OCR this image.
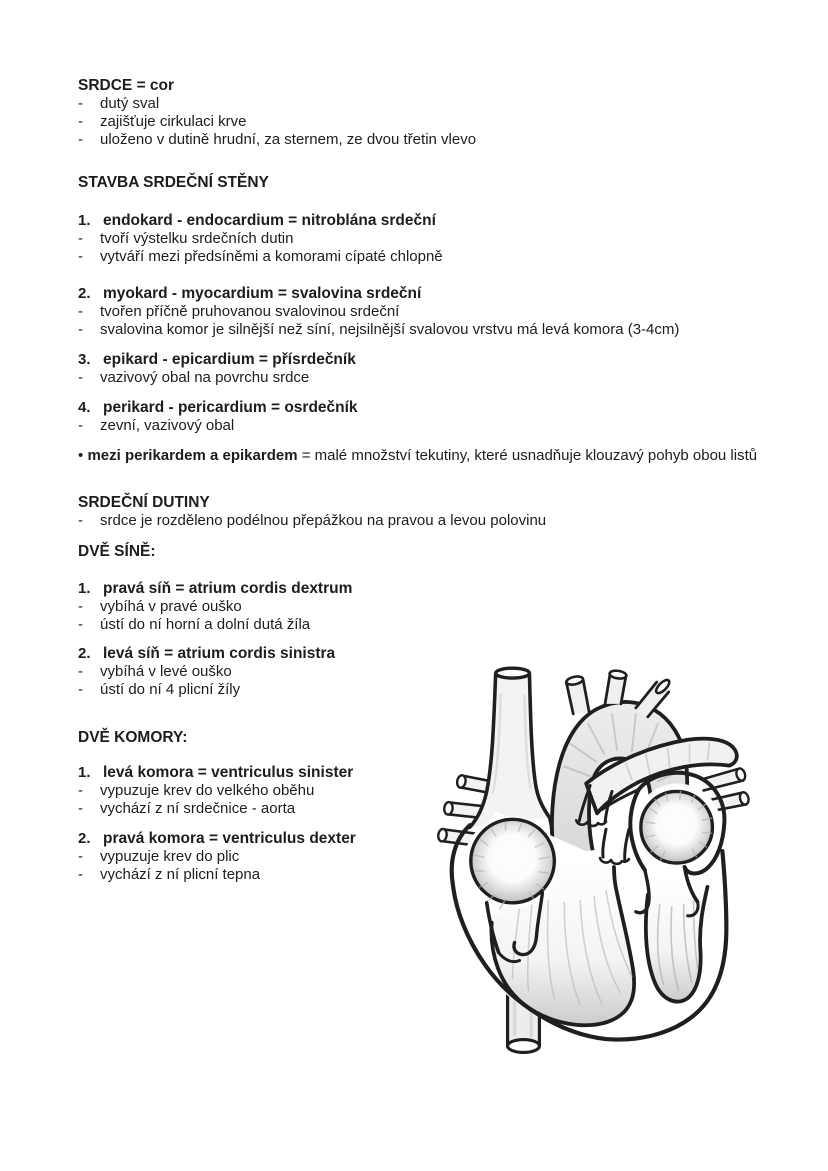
SRDCE = cor
-	dutý sval
-	zajišťuje cirkulaci krve
-	uloženo v dutině hrudní, za sternem, ze dvou třetin vlevo
STAVBA SRDEČNÍ STĚNY
1. endokard - endocardium = nitroblána srdeční
-	tvoří výstelku srdečních dutin
-	vytváří mezi předsíněmi a komorami cípaté chlopně
2. myokard - myocardium = svalovina srdeční
-	tvořen příčně pruhovanou svalovinou srdeční
-	svalovina komor je silnější než síní, nejsilnější svalovou vrstvu má levá komora (3-4cm)
3. epikard - epicardium = přísrdečník
-	vazivový obal na povrchu srdce
4. perikard - pericardium = osrdečník
-	zevní, vazivový obal

• mezi perikardem a epikardem = malé množství tekutiny, které usnadňuje klouzavý pohyb obou listů

SRDEČNÍ DUTINY
-	srdce je rozděleno podélnou přepážkou na pravou a levou polovinu
DVĚ SÍNĚ:
1. pravá síň = atrium cordis dextrum
-	vybíhá v pravé ouško
-	ústí do ní horní a dolní dutá žíla
2. levá síň = atrium cordis sinistra
-	vybíhá v levé ouško
-	ústí do ní 4 plicní žíly
DVĚ KOMORY:
1. levá komora = ventriculus sinister
-	vypuzuje krev do velkého oběhu
-	vychází z ní srdečnice - aorta
2. pravá komora = ventriculus dexter
-	vypuzuje krev do plic
-	vychází z ní plicní tepna
